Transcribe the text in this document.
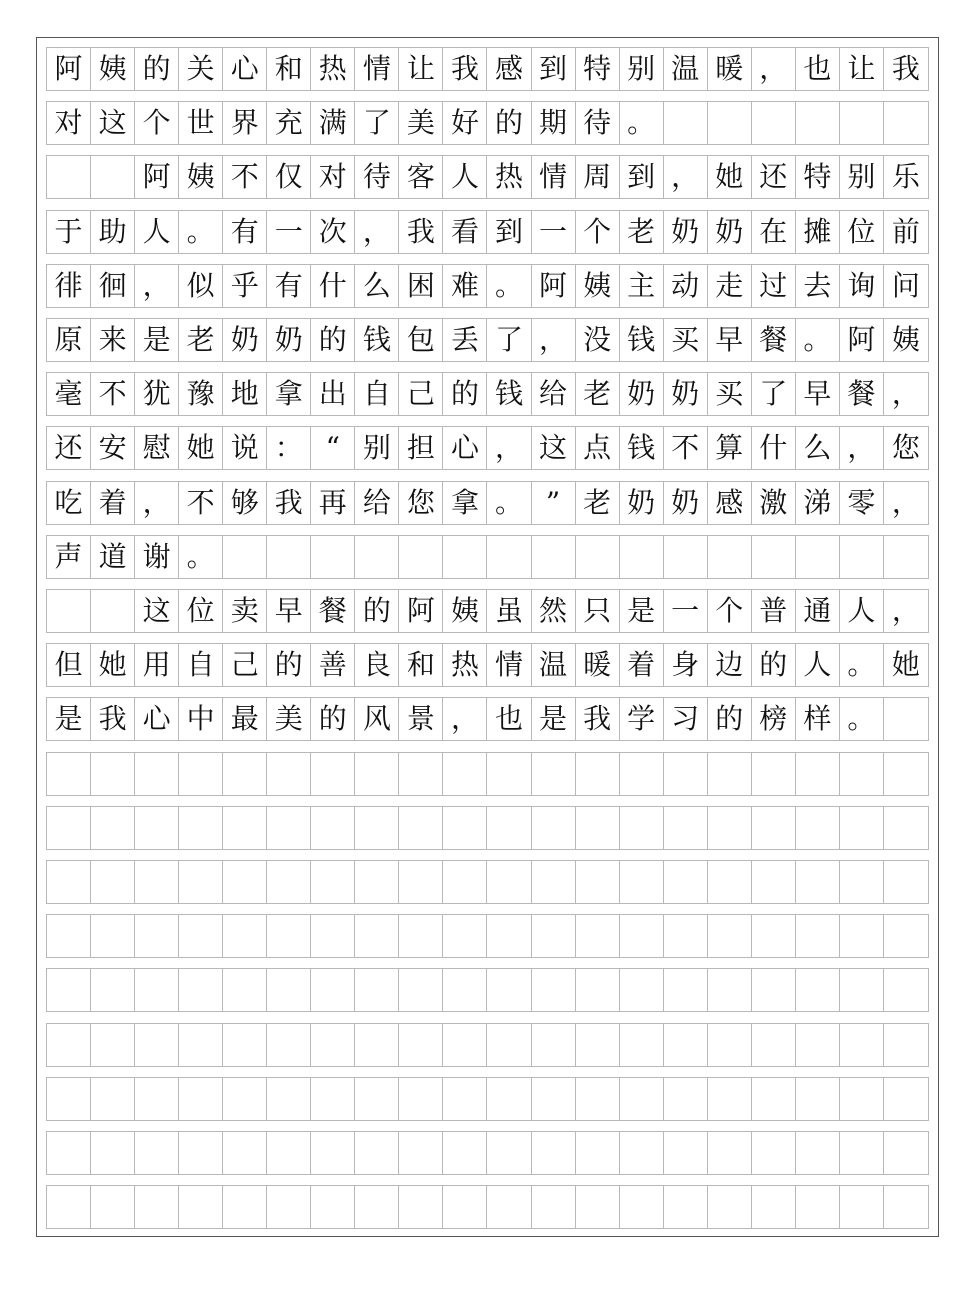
阿 姨 的 关 心 和 热 情 让 我 感 到 特 别 温 暖 ， 也 让 我
对 这 个 世 界 充 满 了 美 好 的 期 待 。
阿 姨 不 仅 对 待 客 人 热 情 周 到 ， 她 还 特 别 乐
于 助 人 。 有 一 次 ， 我 看 到 一 个 老 奶 奶 在 摊 位 前
徘 徊 ， 似 乎 有 什 么 困 难 。 阿 姨 主 动 走 过 去 询 问
原 来 是 老 奶 奶 的 钱 包 丢 了 ， 没 钱 买 早 餐 。 阿 姨
毫 不 犹 豫 地 拿 出 自 己 的 钱 给 老 奶 奶 买 了 早 餐 ，
还 安 慰 她 说 ： “ 别 担 心 ， 这 点 钱 不 算 什 么 ， 您
吃 着 ， 不 够 我 再 给 您 拿 。 ” 老 奶 奶 感 激 涕 零 ，
声 道 谢 。
这 位 卖 早 餐 的 阿 姨 虽 然 只 是 一 个 普 通 人 ，
但 她 用 自 己 的 善 良 和 热 情 温 暖 着 身 边 的 人 。 她
是 我 心 中 最 美 的 风 景 ， 也 是 我 学 习 的 榜 样 。
